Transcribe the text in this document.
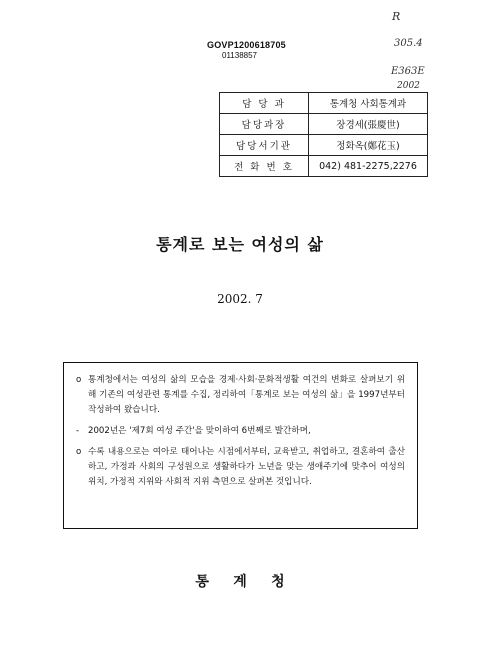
GOVP1200618705
01138857
R
305.4
E363E
2002
담 당 과	통계청 사회통계과
담당과장	장경세(張慶世)
담당서기관	정화옥(鄭花玉)
전 화 번 호	042) 481-2275,2276
통계로 보는 여성의 삶
2002. 7

o 통계청에서는 여성의 삶의 모습을 경제·사회·문화적생활 여건의 변화로 살펴보기 위해 기존의 여성관련 통계를 수집, 정리하여「통계로 보는 여성의 삶」을 1997년부터 작성하여 왔습니다.

-	2002년은 '제7회 여성 주간'을 맞이하여 6번째로 발간하며,

o 수록 내용으로는 여아로 태어나는 시점에서부터, 교육받고, 취업하고, 결혼하여 출산하고, 가정과 사회의 구성원으로 생활하다가 노년을 맞는 생애주기에 맞추어 여성의 위치, 가정적 지위와 사회적 지위 측면으로 살펴본 것입니다.

통     계     청
